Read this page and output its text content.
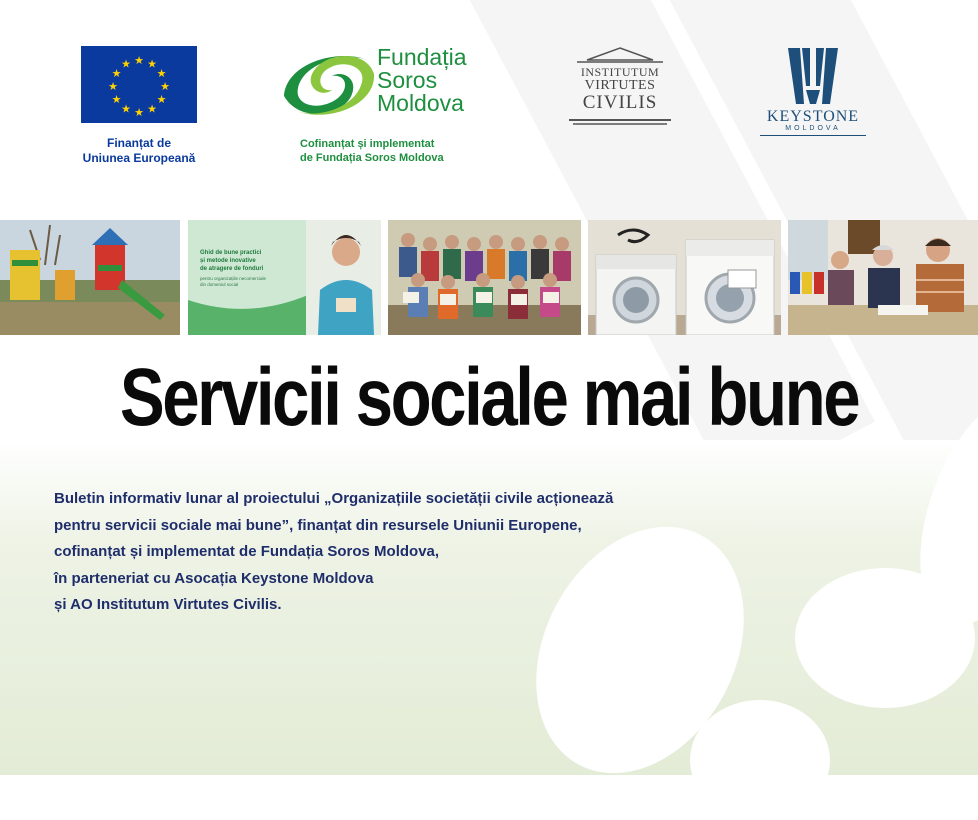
★ ★
★
★
★
★
★
★
★
★
★
★
Finanțat de
Uniunea Europeană
Fundația
Soros
Moldova
Cofinanțat și implementat
de Fundația Soros Moldova
INSTITUTUM
VIRTUTES
CIVILIS
KEYSTONE
MOLDOVA
Ghid de bune practici
și metode inovative
de atragere de fonduri
pentru organizațiile necomerciale
din domeniul social
Servicii sociale mai bune
Buletin informativ lunar al proiectului „Organizațiile societății civile acționează
pentru servicii sociale mai bune”, finanțat din resursele Uniunii Europene,
cofinanțat și implementat de Fundația Soros Moldova,
în parteneriat cu Asocația Keystone Moldova
și AO Institutum Virtutes Civilis.
